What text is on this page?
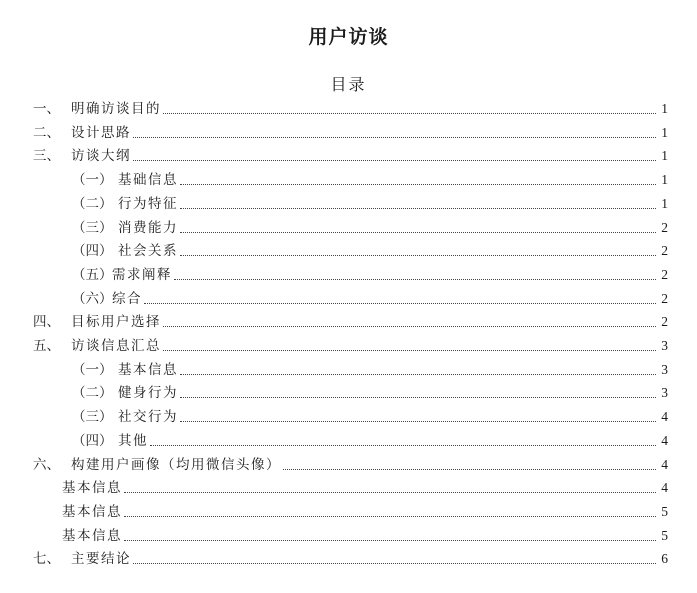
用户访谈
目录
一、 明确访谈目的	1
二、 设计思路	1
三、 访谈大纲	1
（一） 基础信息	1
（二） 行为特征	1
（三） 消费能力	2
（四） 社会关系	2
（五） 需求阐释	2
（六） 综合	2
四、 目标用户选择	2
五、 访谈信息汇总	3
（一） 基本信息	3
（二） 健身行为	3
（三） 社交行为	4
（四） 其他	4
六、 构建用户画像（均用微信头像）	4
基本信息	4
基本信息	5
基本信息	5
七、 主要结论	6
